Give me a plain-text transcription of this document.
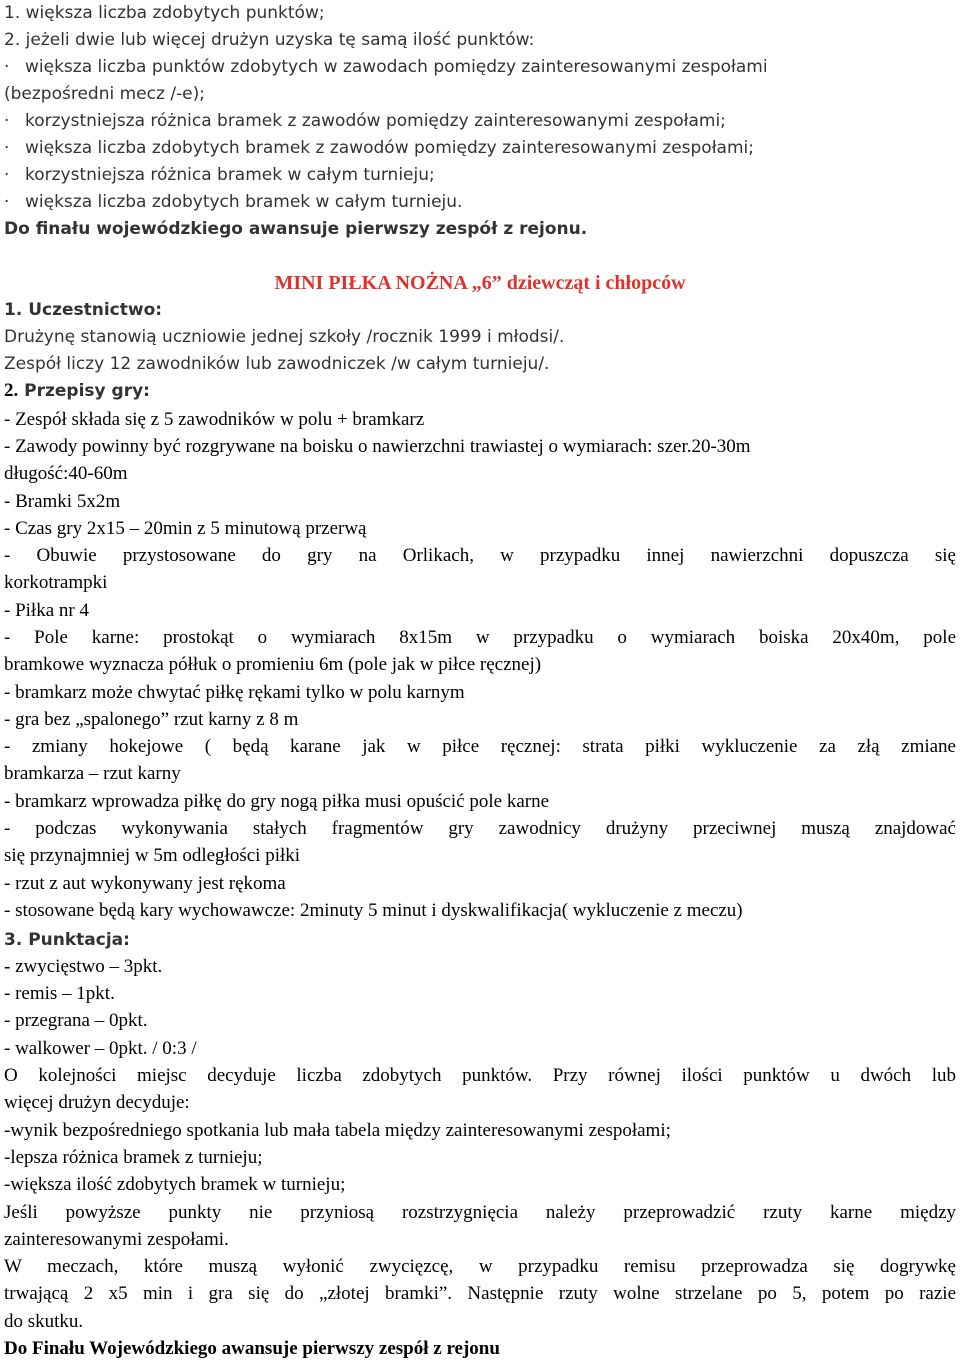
1. większa liczba zdobytych punktów;
2. jeżeli dwie lub więcej drużyn uzyska tę samą ilość punktów:
· większa liczba punktów zdobytych w zawodach pomiędzy zainteresowanymi zespołami
(bezpośredni mecz /-e);
· korzystniejsza różnica bramek z zawodów pomiędzy zainteresowanymi zespołami;
· większa liczba zdobytych bramek z zawodów pomiędzy zainteresowanymi zespołami;
· korzystniejsza różnica bramek w całym turnieju;
· większa liczba zdobytych bramek w całym turnieju.
Do finału wojewódzkiego awansuje pierwszy zespół z rejonu.
MINI PIŁKA NOŻNA „6” dziewcząt i chłopców
1. Uczestnictwo:
Drużynę stanowią uczniowie jednej szkoły /rocznik 1999 i młodsi/.
Zespół liczy 12 zawodników lub zawodniczek /w całym turnieju/.
2. Przepisy gry:
- Zespół składa się z 5 zawodników w polu + bramkarz
- Zawody powinny być rozgrywane na boisku o nawierzchni trawiastej o wymiarach: szer.20-30m
długość:40-60m
- Bramki 5x2m
- Czas gry 2x15 – 20min z 5 minutową przerwą
- Obuwie przystosowane do gry na Orlikach, w przypadku innej nawierzchni dopuszcza się
korkotrampki
- Piłka nr 4
- Pole karne: prostokąt o wymiarach 8x15m w przypadku o wymiarach boiska 20x40m, pole
bramkowe wyznacza półłuk o promieniu 6m (pole jak w piłce ręcznej)
- bramkarz może chwytać piłkę rękami tylko w polu karnym
- gra bez „spalonego” rzut karny z 8 m
- zmiany hokejowe ( będą karane jak w piłce ręcznej: strata piłki wykluczenie za złą zmiane
bramkarza – rzut karny
- bramkarz wprowadza piłkę do gry nogą piłka musi opuścić pole karne
- podczas wykonywania stałych fragmentów gry zawodnicy drużyny przeciwnej muszą znajdować
się przynajmniej w 5m odległości piłki
- rzut z aut wykonywany jest rękoma
- stosowane będą kary wychowawcze: 2minuty 5 minut i dyskwalifikacja( wykluczenie z meczu)
3. Punktacja:
- zwycięstwo – 3pkt.
- remis – 1pkt.
- przegrana – 0pkt.
- walkower – 0pkt. / 0:3 /
O kolejności miejsc decyduje liczba zdobytych punktów. Przy równej ilości punktów u dwóch lub
więcej drużyn decyduje:
-wynik bezpośredniego spotkania lub mała tabela między zainteresowanymi zespołami;
-lepsza różnica bramek z turnieju;
-większa ilość zdobytych bramek w turnieju;
Jeśli powyższe punkty nie przyniosą rozstrzygnięcia należy przeprowadzić rzuty karne między
zainteresowanymi zespołami.
W meczach, które muszą wyłonić zwycięzcę, w przypadku remisu przeprowadza się dogrywkę
trwającą 2 x5 min i gra się do „złotej bramki”. Następnie rzuty wolne strzelane po 5, potem po razie
do skutku.
Do Finału Wojewódzkiego awansuje pierwszy zespół z rejonu
